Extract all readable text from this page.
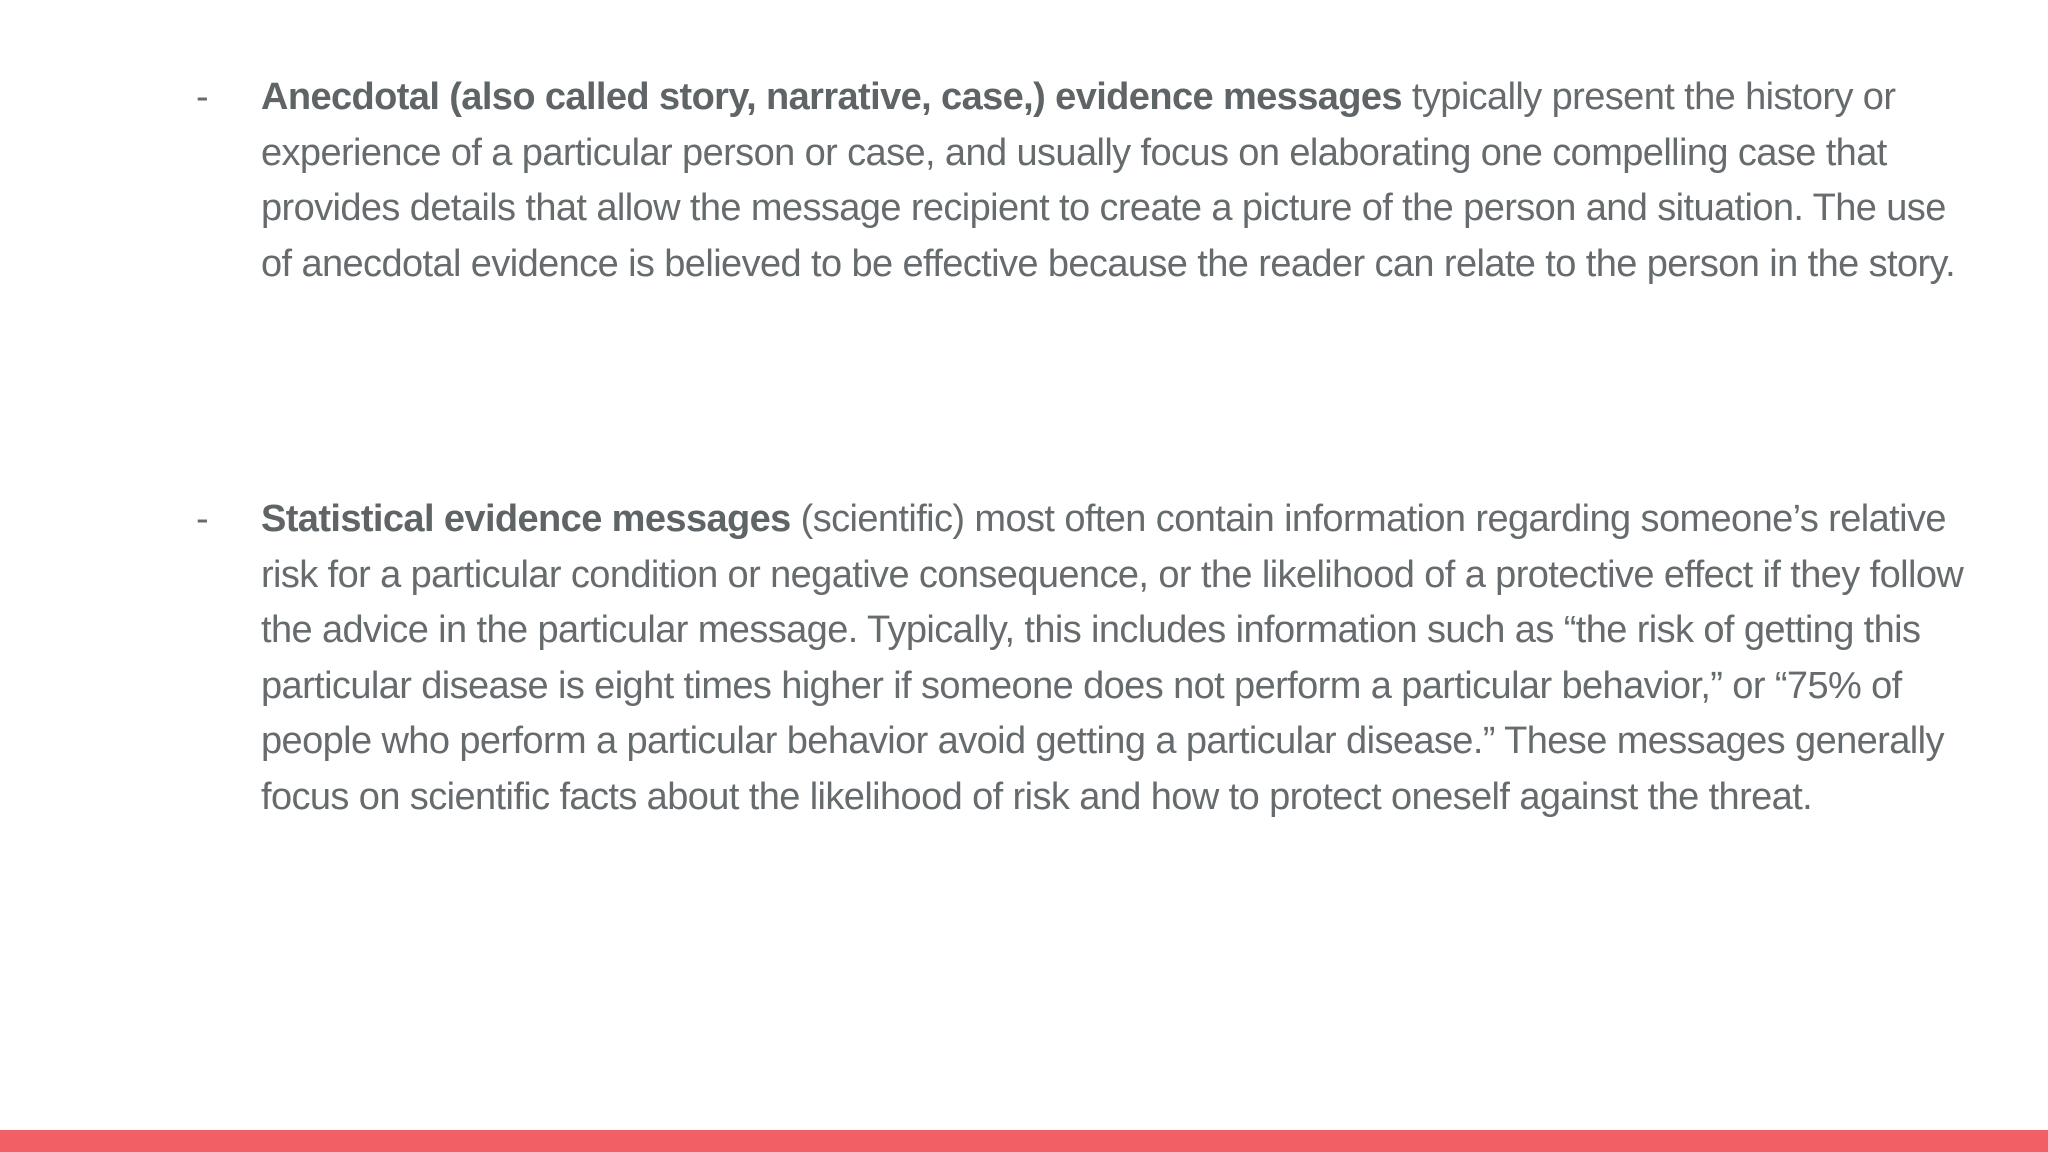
- Anecdotal (also called story, narrative, case,) evidence messages typically present the history or experience of a particular person or case, and usually focus on elaborating one compelling case that provides details that allow the message recipient to create a picture of the person and situation. The use of anecdotal evidence is believed to be effective because the reader can relate to the person in the story.

- Statistical evidence messages (scientific) most often contain information regarding someone’s relative risk for a particular condition or negative consequence, or the likelihood of a protective effect if they follow the advice in the particular message. Typically, this includes information such as “the risk of getting this particular disease is eight times higher if someone does not perform a particular behavior,” or “75% of people who perform a particular behavior avoid getting a particular disease.” These messages generally focus on scientific facts about the likelihood of risk and how to protect oneself against the threat.
